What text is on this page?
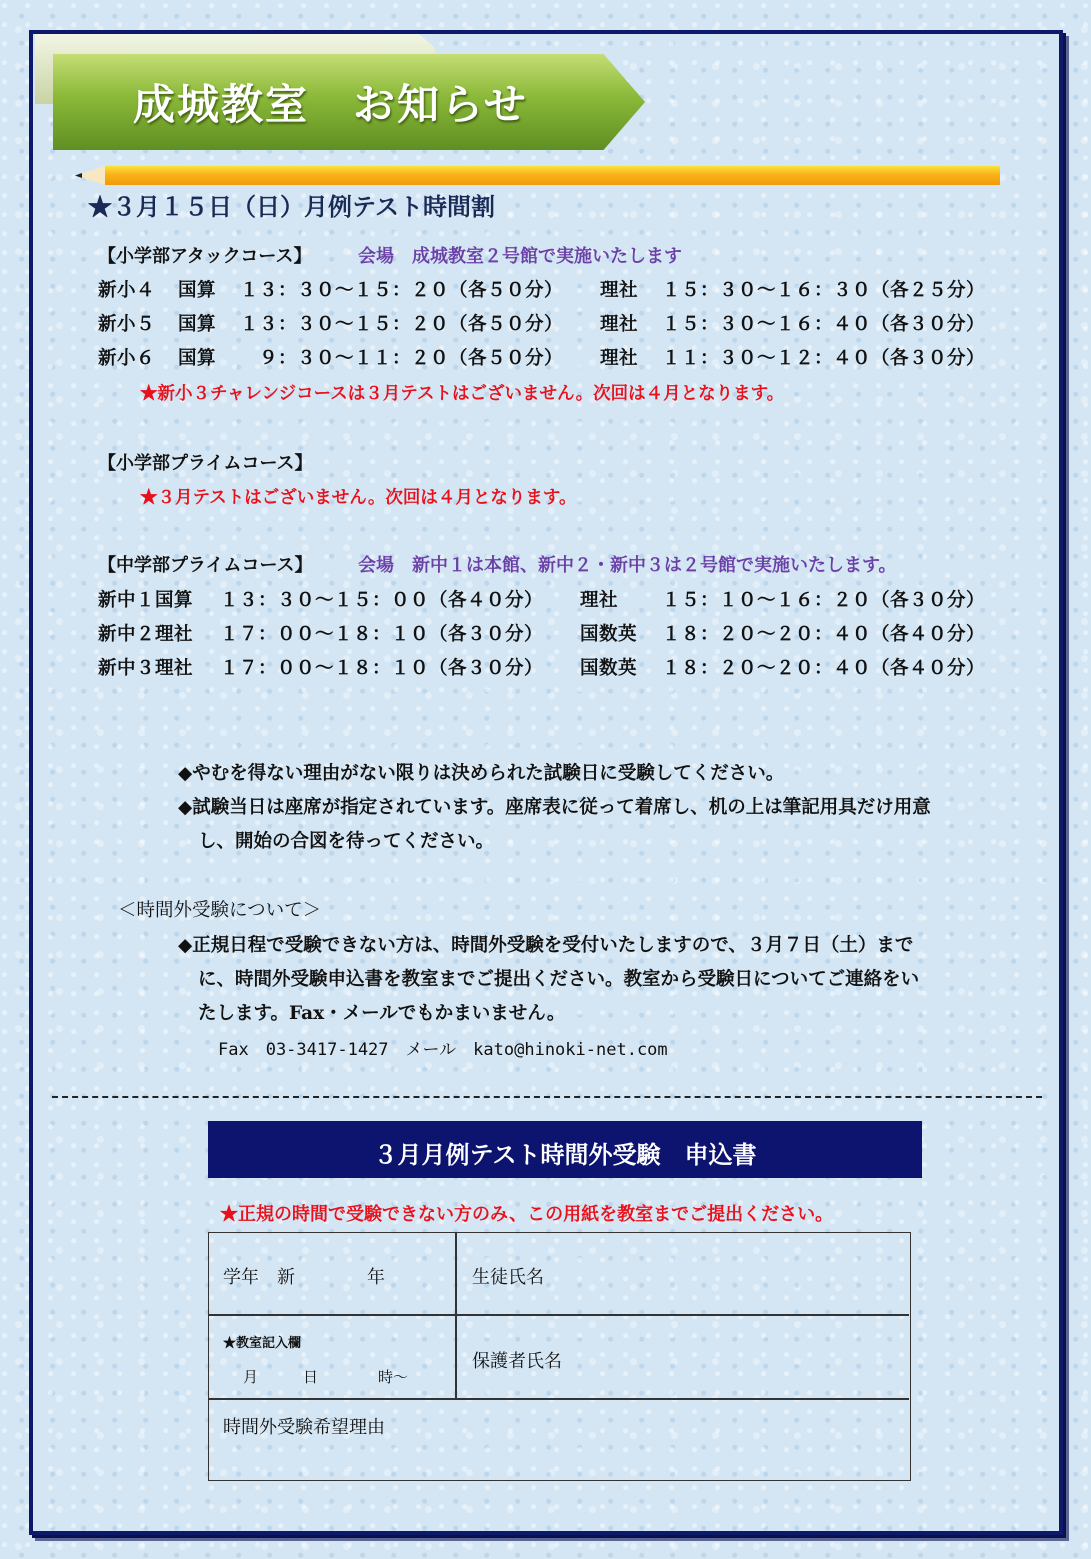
成城教室　お知らせ
★３月１５日（日）月例テスト時間割
【小学部アタックコース】	会場　成城教室２号館で実施いたします
新小４ 国算 １３：３０～１５：２０（各５０分） 理社 １５：３０～１６：３０（各２５分）
新小５ 国算 １３：３０～１５：２０（各５０分） 理社 １５：３０～１６：４０（各３０分）
新小６ 国算 　９：３０～１１：２０（各５０分） 理社 １１：３０～１２：４０（各３０分）
★新小３チャレンジコースは３月テストはございません。次回は４月となります。
【小学部プライムコース】
★３月テストはございません。次回は４月となります。
【中学部プライムコース】	会場　新中１は本館、新中２・新中３は２号館で実施いたします。
新中１国算 １３：３０～１５：００（各４０分） 理社 １５：１０～１６：２０（各３０分）
新中２理社 １７：００～１８：１０（各３０分） 国数英 １８：２０～２０：４０（各４０分）
新中３理社 １７：００～１８：１０（各３０分） 国数英 １８：２０～２０：４０（各４０分）
◆やむを得ない理由がない限りは決められた試験日に受験してください。
◆試験当日は座席が指定されています。座席表に従って着席し、机の上は筆記用具だけ用意
し、開始の合図を待ってください。
＜時間外受験について＞
◆正規日程で受験できない方は、時間外受験を受付いたしますので、３月７日（土）まで
に、時間外受験申込書を教室までご提出ください。教室から受験日についてご連絡をい
たします。Fax・メールでもかまいません。
Fax　03-3417-1427　メール　kato@hinoki-net.com
３月月例テスト時間外受験　申込書
★正規の時間で受験できない方のみ、この用紙を教室までご提出ください。
学年　新　　　　年	生徒氏名
★教室記入欄
月　　　日　　　　時～
保護者氏名
時間外受験希望理由
